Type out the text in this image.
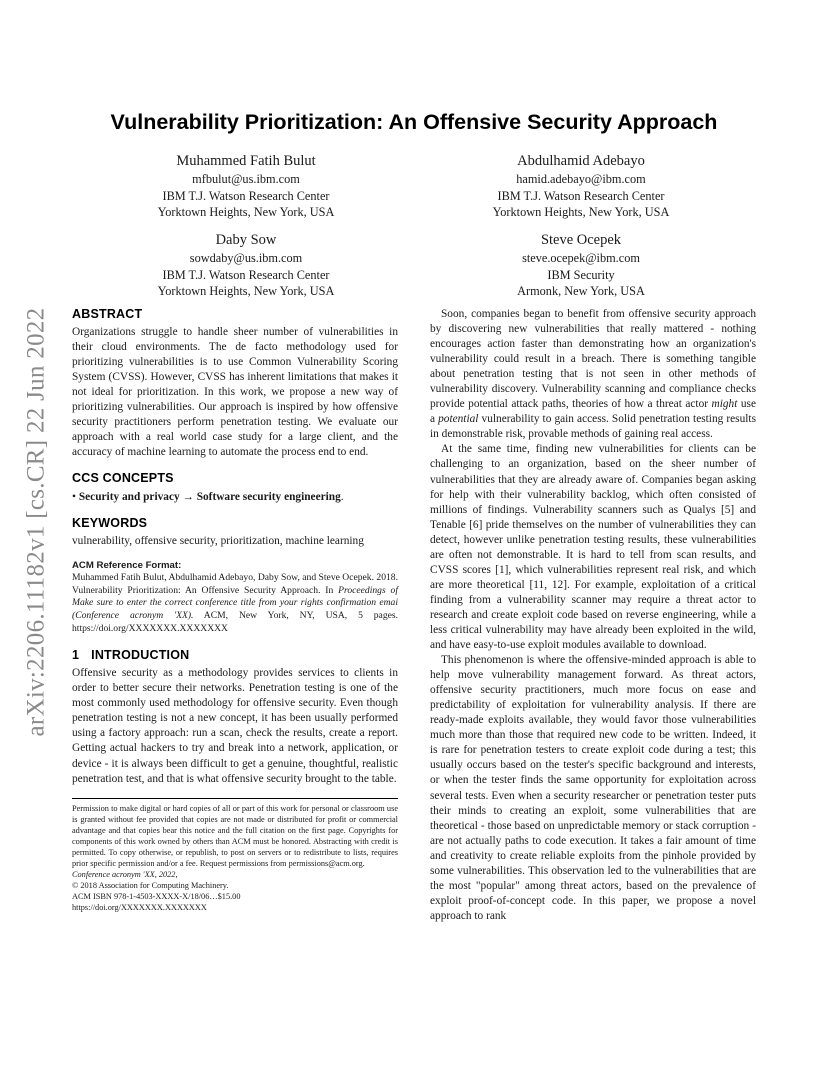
arXiv:2206.11182v1 [cs.CR] 22 Jun 2022
Vulnerability Prioritization: An Offensive Security Approach
Muhammed Fatih Bulut
mfbulut@us.ibm.com
IBM T.J. Watson Research Center
Yorktown Heights, New York, USA
Abdulhamid Adebayo
hamid.adebayo@ibm.com
IBM T.J. Watson Research Center
Yorktown Heights, New York, USA
Daby Sow
sowdaby@us.ibm.com
IBM T.J. Watson Research Center
Yorktown Heights, New York, USA
Steve Ocepek
steve.ocepek@ibm.com
IBM Security
Armonk, New York, USA
ABSTRACT

Organizations struggle to handle sheer number of vulnerabilities in their cloud environments. The de facto methodology used for prioritizing vulnerabilities is to use Common Vulnerability Scoring System (CVSS). However, CVSS has inherent limitations that makes it not ideal for prioritization. In this work, we propose a new way of prioritizing vulnerabilities. Our approach is inspired by how offensive security practitioners perform penetration testing. We evaluate our approach with a real world case study for a large client, and the accuracy of machine learning to automate the process end to end.

CCS CONCEPTS

• Security and privacy → Software security engineering.

KEYWORDS

vulnerability, offensive security, prioritization, machine learning

ACM Reference Format:

Muhammed Fatih Bulut, Abdulhamid Adebayo, Daby Sow, and Steve Ocepek. 2018. Vulnerability Prioritization: An Offensive Security Approach. In Proceedings of Make sure to enter the correct conference title from your rights confirmation emai (Conference acronym 'XX). ACM, New York, NY, USA, 5 pages. https://doi.org/XXXXXXX.XXXXXXX

1 INTRODUCTION

Offensive security as a methodology provides services to clients in order to better secure their networks. Penetration testing is one of the most commonly used methodology for offensive security. Even though penetration testing is not a new concept, it has been usually performed using a factory approach: run a scan, check the results, create a report. Getting actual hackers to try and break into a network, application, or device - it is always been difficult to get a genuine, thoughtful, realistic penetration test, and that is what offensive security brought to the table.

Permission to make digital or hard copies of all or part of this work for personal or classroom use is granted without fee provided that copies are not made or distributed for profit or commercial advantage and that copies bear this notice and the full citation on the first page. Copyrights for components of this work owned by others than ACM must be honored. Abstracting with credit is permitted. To copy otherwise, or republish, to post on servers or to redistribute to lists, requires prior specific permission and/or a fee. Request permissions from permissions@acm.org.

Conference acronym 'XX, 2022,

© 2018 Association for Computing Machinery.

ACM ISBN 978-1-4503-XXXX-X/18/06…$15.00

https://doi.org/XXXXXXX.XXXXXXX

Soon, companies began to benefit from offensive security approach by discovering new vulnerabilities that really mattered - nothing encourages action faster than demonstrating how an organization's vulnerability could result in a breach. There is something tangible about penetration testing that is not seen in other methods of vulnerability discovery. Vulnerability scanning and compliance checks provide potential attack paths, theories of how a threat actor might use a potential vulnerability to gain access. Solid penetration testing results in demonstrable risk, provable methods of gaining real access.

At the same time, finding new vulnerabilities for clients can be challenging to an organization, based on the sheer number of vulnerabilities that they are already aware of. Companies began asking for help with their vulnerability backlog, which often consisted of millions of findings. Vulnerability scanners such as Qualys [5] and Tenable [6] pride themselves on the number of vulnerabilities they can detect, however unlike penetration testing results, these vulnerabilities are often not demonstrable. It is hard to tell from scan results, and CVSS scores [1], which vulnerabilities represent real risk, and which are more theoretical [11, 12]. For example, exploitation of a critical finding from a vulnerability scanner may require a threat actor to research and create exploit code based on reverse engineering, while a less critical vulnerability may have already been exploited in the wild, and have easy-to-use exploit modules available to download.

This phenomenon is where the offensive-minded approach is able to help move vulnerability management forward. As threat actors, offensive security practitioners, much more focus on ease and predictability of exploitation for vulnerability analysis. If there are ready-made exploits available, they would favor those vulnerabilities much more than those that required new code to be written. Indeed, it is rare for penetration testers to create exploit code during a test; this usually occurs based on the tester's specific background and interests, or when the tester finds the same opportunity for exploitation across several tests. Even when a security researcher or penetration tester puts their minds to creating an exploit, some vulnerabilities that are theoretical - those based on unpredictable memory or stack corruption - are not actually paths to code execution. It takes a fair amount of time and creativity to create reliable exploits from the pinhole provided by some vulnerabilities. This observation led to the vulnerabilities that are the most "popular" among threat actors, based on the prevalence of exploit proof-of-concept code. In this paper, we propose a novel approach to rank
